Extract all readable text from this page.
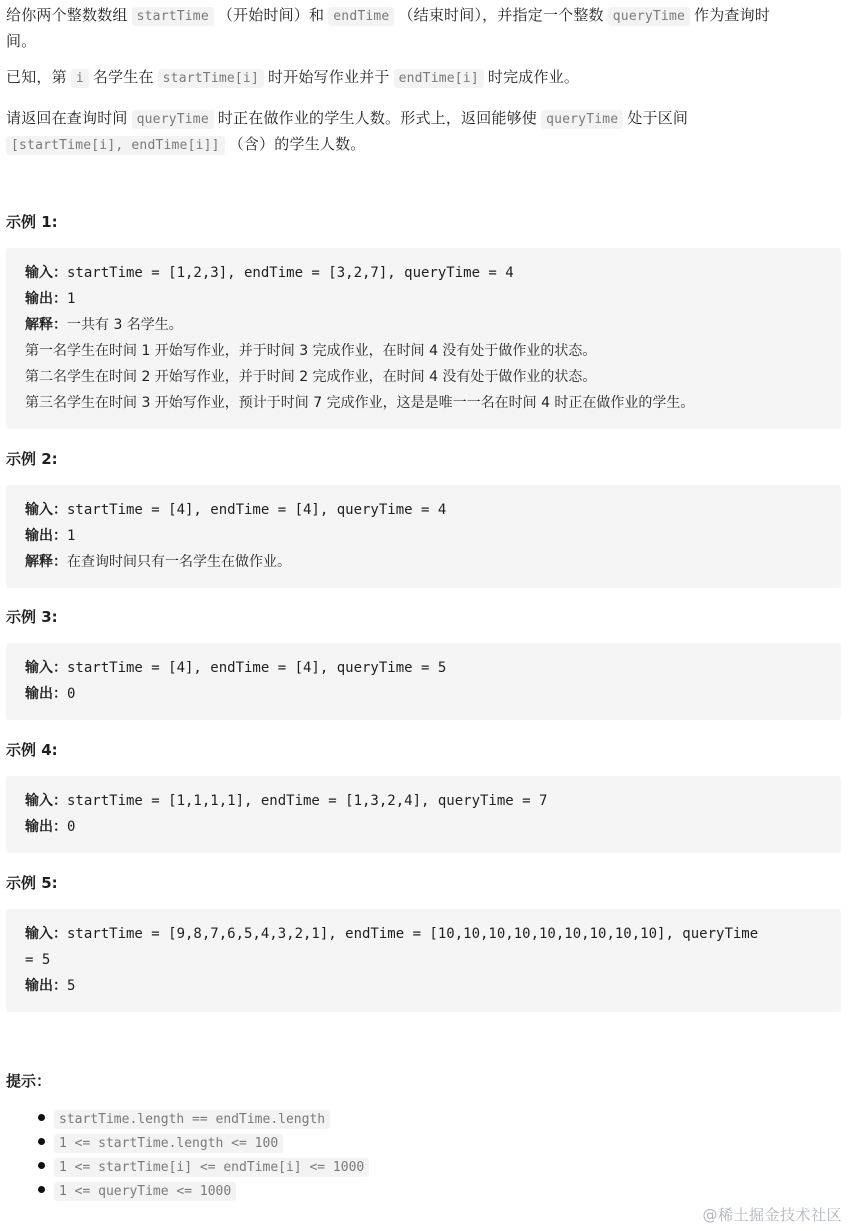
给你两个整数数组 startTime （开始时间）和 endTime （结束时间），并指定一个整数 queryTime 作为查询时
间。

已知，第 i 名学生在 startTime[i] 时开始写作业并于 endTime[i] 时完成作业。

请返回在查询时间 queryTime 时正在做作业的学生人数。形式上，返回能够使 queryTime 处于区间
[startTime[i], endTime[i]] （含）的学生人数。

示例 1:
输入：startTime = [1,2,3], endTime = [3,2,7], queryTime = 4
输出：1
解释：一共有 3 名学生。
第一名学生在时间 1 开始写作业，并于时间 3 完成作业，在时间 4 没有处于做作业的状态。
第二名学生在时间 2 开始写作业，并于时间 2 完成作业，在时间 4 没有处于做作业的状态。
第三名学生在时间 3 开始写作业，预计于时间 7 完成作业，这是是唯一一名在时间 4 时正在做作业的学生。
示例 2:
输入：startTime = [4], endTime = [4], queryTime = 4
输出：1
解释：在查询时间只有一名学生在做作业。
示例 3:
输入：startTime = [4], endTime = [4], queryTime = 5
输出：0
示例 4:
输入：startTime = [1,1,1,1], endTime = [1,3,2,4], queryTime = 7
输出：0
示例 5:
输入：startTime = [9,8,7,6,5,4,3,2,1], endTime = [10,10,10,10,10,10,10,10,10], queryTime
= 5
输出：5
提示：
startTime.length == endTime.length
1 <= startTime.length <= 100
1 <= startTime[i] <= endTime[i] <= 1000
1 <= queryTime <= 1000
@稀土掘金技术社区
